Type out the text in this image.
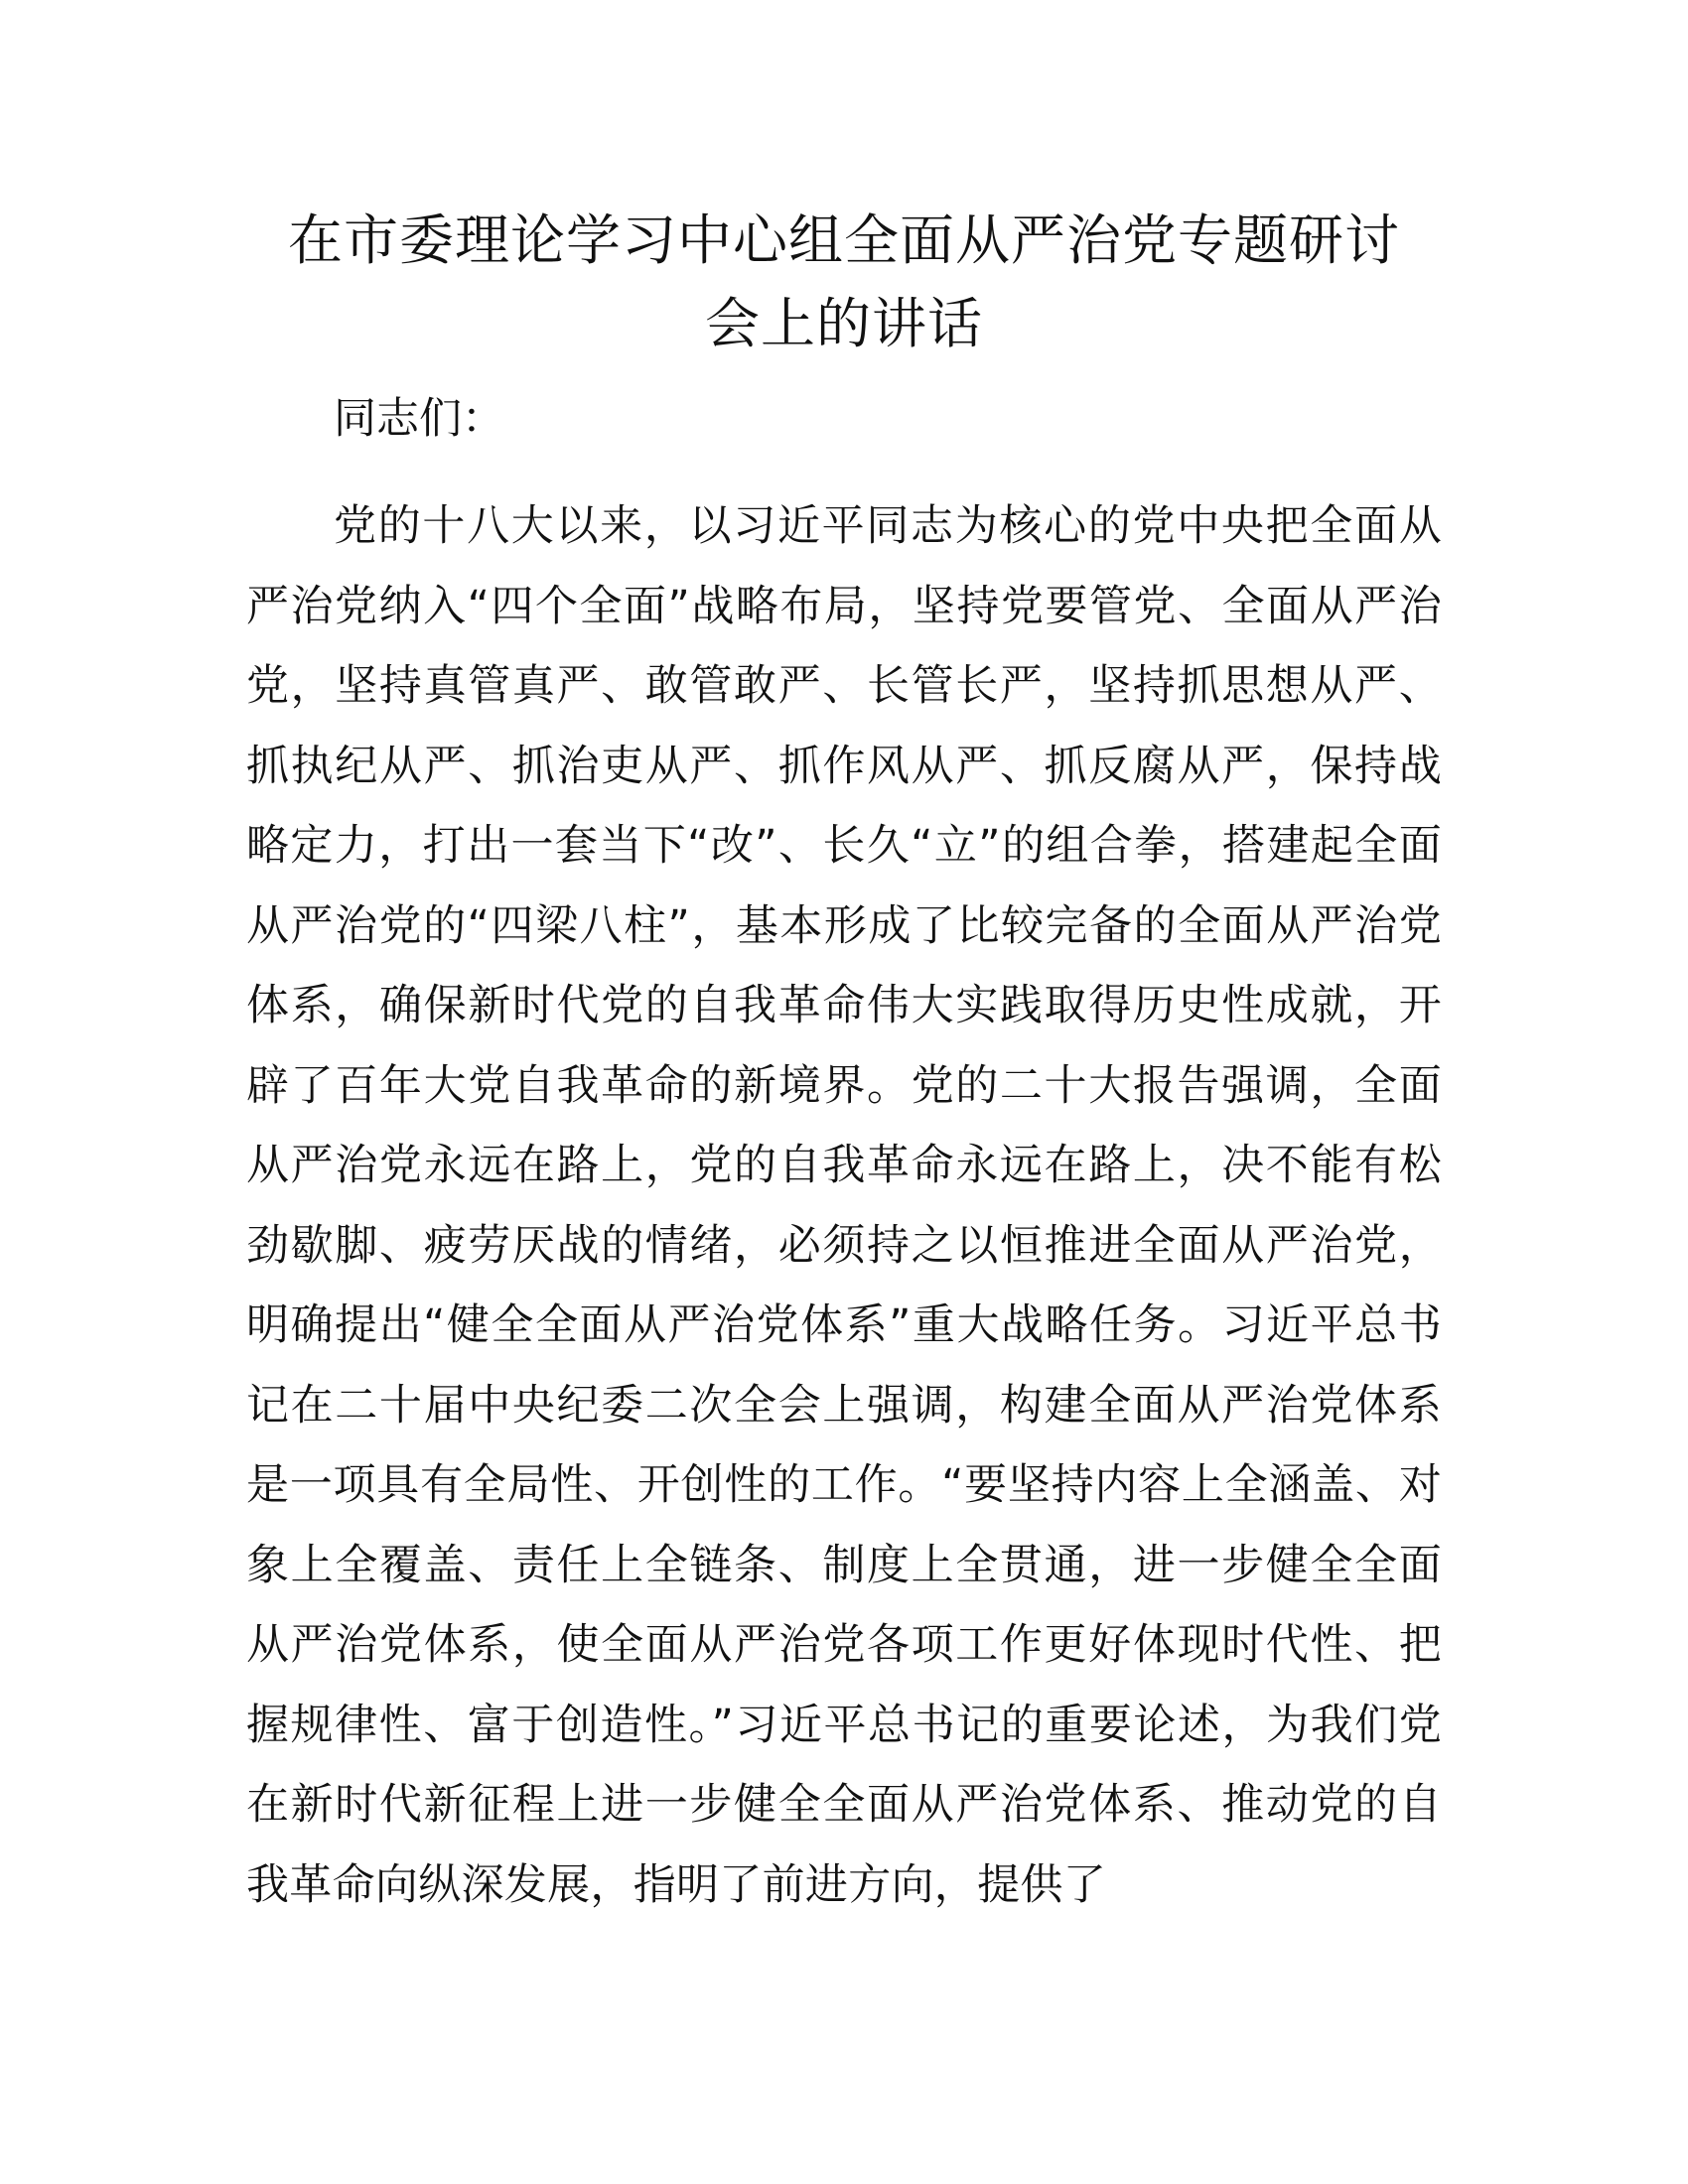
在市委理论学习中心组全面从严治党专题研讨
会上的讲话

同志们：

党的十八大以来，以习近平同志为核心的党中央把全面从严治党纳入“四个全面”战略布局，坚持党要管党、全面从严治党，坚持真管真严、敢管敢严、长管长严，坚持抓思想从严、抓执纪从严、抓治吏从严、抓作风从严、抓反腐从严，保持战略定力，打出一套当下“改”、长久“立”的组合拳，搭建起全面从严治党的“四梁八柱”，基本形成了比较完备的全面从严治党体系，确保新时代党的自我革命伟大实践取得历史性成就，开辟了百年大党自我革命的新境界。党的二十大报告强调，全面从严治党永远在路上，党的自我革命永远在路上，决不能有松劲歇脚、疲劳厌战的情绪，必须持之以恒推进全面从严治党，明确提出“健全全面从严治党体系”重大战略任务。习近平总书记在二十届中央纪委二次全会上强调，构建全面从严治党体系是一项具有全局性、开创性的工作。“要坚持内容上全涵盖、对象上全覆盖、责任上全链条、制度上全贯通，进一步健全全面从严治党体系，使全面从严治党各项工作更好体现时代性、把握规律性、富于创造性。”习近平总书记的重要论述，为我们党在新时代新征程上进一步健全全面从严治党体系、推动党的自我革命向纵深发展，指明了前进方向，提供了
